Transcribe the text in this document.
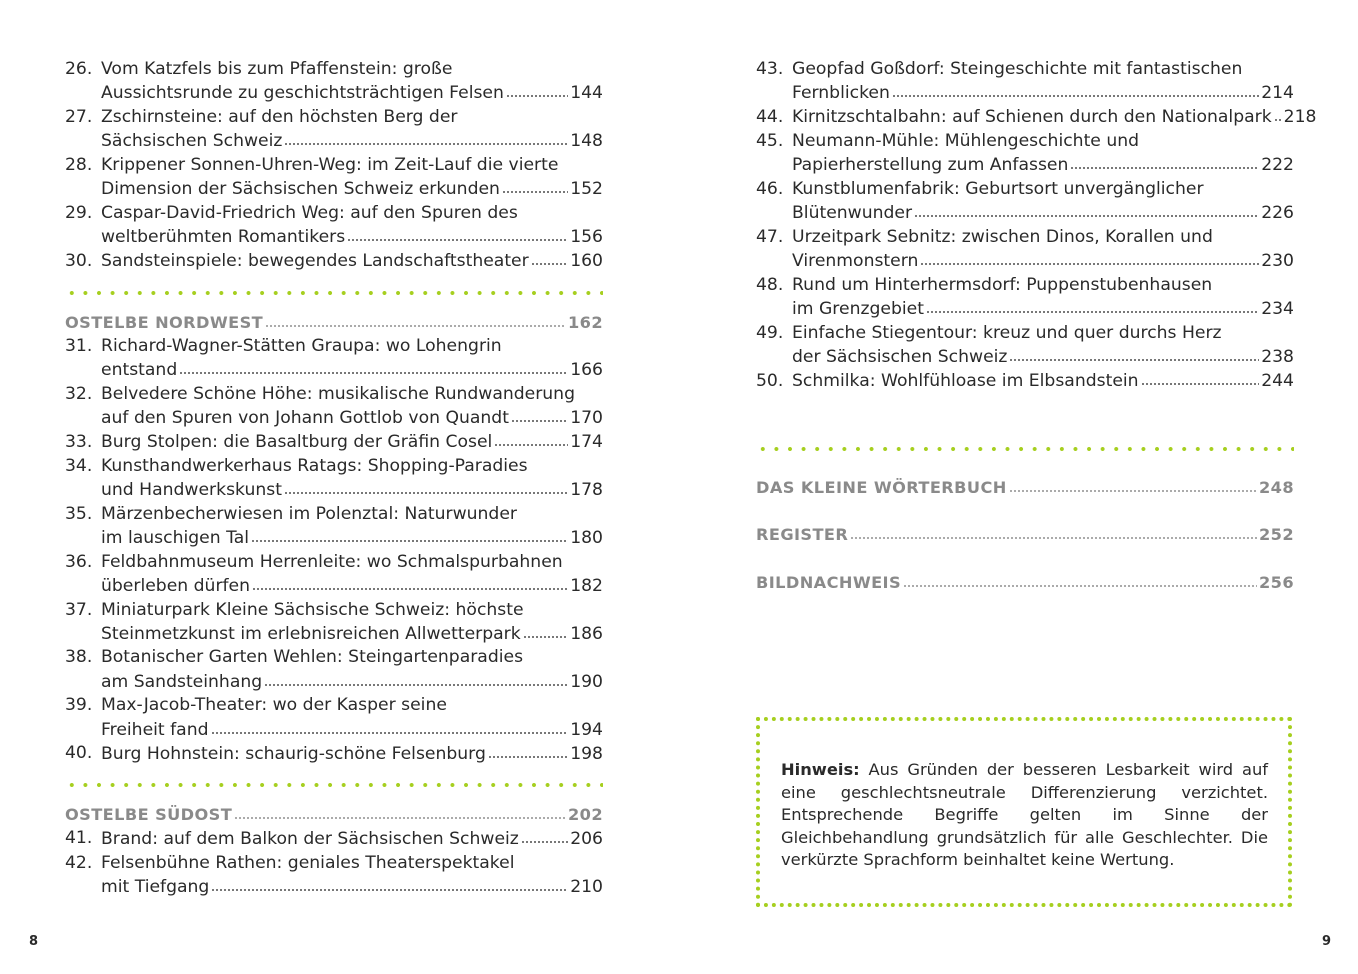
26. Vom Katzfels bis zum Pfaffenstein: große
Aussichtsrunde zu geschichtsträchtigen Felsen	144
27. Zschirnsteine: auf den höchsten Berg der
Sächsischen Schweiz	148
28. Krippener Sonnen-Uhren-Weg: im Zeit-Lauf die vierte
Dimension der Sächsischen Schweiz erkunden	152
29. Caspar-David-Friedrich Weg: auf den Spuren des
weltberühmten Romantikers	156
30. Sandsteinspiele: bewegendes Landschaftstheater 160
OSTELBE NORDWEST	162
31. Richard-Wagner-Stätten Graupa: wo Lohengrin
entstand	166
32. Belvedere Schöne Höhe: musikalische Rundwanderung
auf den Spuren von Johann Gottlob von Quandt	170
33. Burg Stolpen: die Basaltburg der Gräfin Cosel	174
34. Kunsthandwerkerhaus Ratags: Shopping-Paradies
und Handwerkskunst	178
35. Märzenbecherwiesen im Polenztal: Naturwunder
im lauschigen Tal	180
36. Feldbahnmuseum Herrenleite: wo Schmalspurbahnen
überleben dürfen	182
37. Miniaturpark Kleine Sächsische Schweiz: höchste
Steinmetzkunst im erlebnisreichen Allwetterpark	186
38. Botanischer Garten Wehlen: Steingartenparadies
am Sandsteinhang	190
39. Max-Jacob-Theater: wo der Kasper seine
Freiheit fand	194
40. Burg Hohnstein: schaurig-schöne Felsenburg	198
OSTELBE SÜDOST	202
41. Brand: auf dem Balkon der Sächsischen Schweiz	206
42. Felsenbühne Rathen: geniales Theaterspektakel
mit Tiefgang	210
8
43. Geopfad Goßdorf: Steingeschichte mit fantastischen
Fernblicken	214
44. Kirnitzschtalbahn: auf Schienen durch den Nationalpark 218
45. Neumann-Mühle: Mühlengeschichte und
Papierherstellung zum Anfassen	222
46. Kunstblumenfabrik: Geburtsort unvergänglicher
Blütenwunder	226
47. Urzeitpark Sebnitz: zwischen Dinos, Korallen und
Virenmonstern	230
48. Rund um Hinterhermsdorf: Puppenstubenhausen
im Grenzgebiet	234
49. Einfache Stiegentour: kreuz und quer durchs Herz
der Sächsischen Schweiz	238
50. Schmilka: Wohlfühloase im Elbsandstein	244
DAS KLEINE WÖRTERBUCH	248
REGISTER	252
BILDNACHWEIS	256

Hinweis: Aus Gründen der besseren Lesbarkeit wird auf eine geschlechtsneutrale Differenzierung verzichtet. Entsprechende Begriffe gelten im Sinne der Gleichbehandlung grundsätzlich für alle Geschlechter. Die verkürzte Sprachform beinhaltet keine Wertung.

9
